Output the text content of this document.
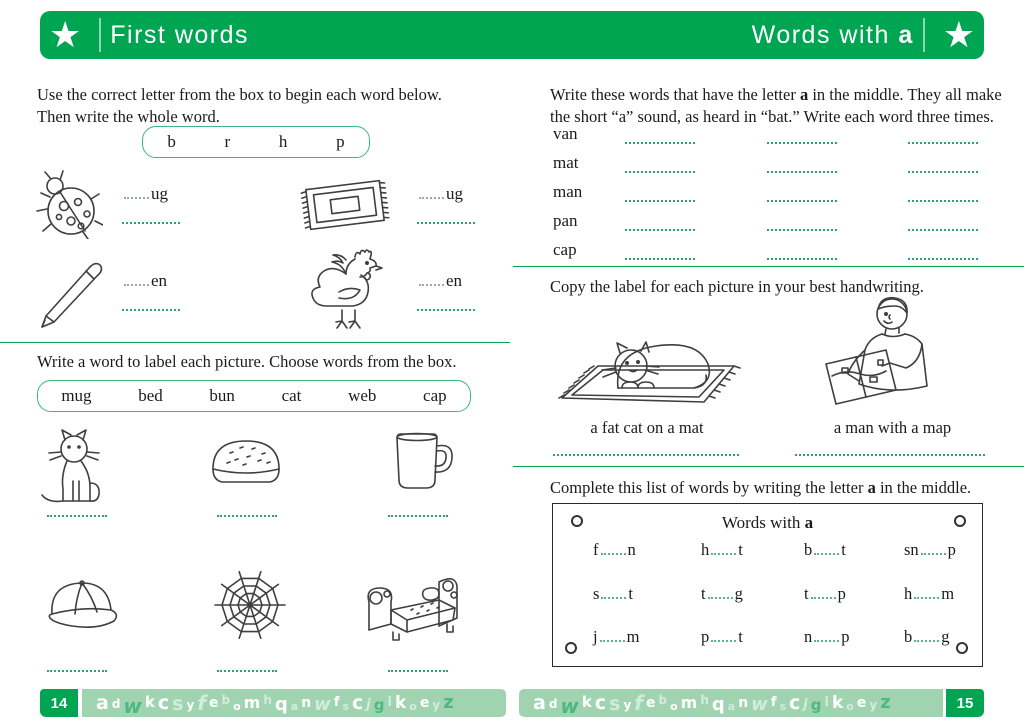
★	First words	Words with a ★
Use the correct letter from the box to begin each word below.
Then write the whole word.
b	r	h	p
ug	ug
en	en
Write a word to label each picture. Choose words from the box.
mug	bed	bun	cat	web	cap
Write these words that have the letter a in the middle. They all make
the short “a” sound, as heard in “bat.” Write each word three times.
van
mat
man
pan
cap
Copy the label for each picture in your best handwriting.
a fat cat on a mat	a man with a map
Complete this list of words by writing the letter a in the middle.
Words with a
f n	h t	b t	sn p
s t	t g	t p	h m
j m	p t	n p	b g
14	a d w k c s y f e b o m h q a n w f s c j g i k o e y z	a d w k c s y f e b o m h q a n w f s c j g i k o e y z	15
